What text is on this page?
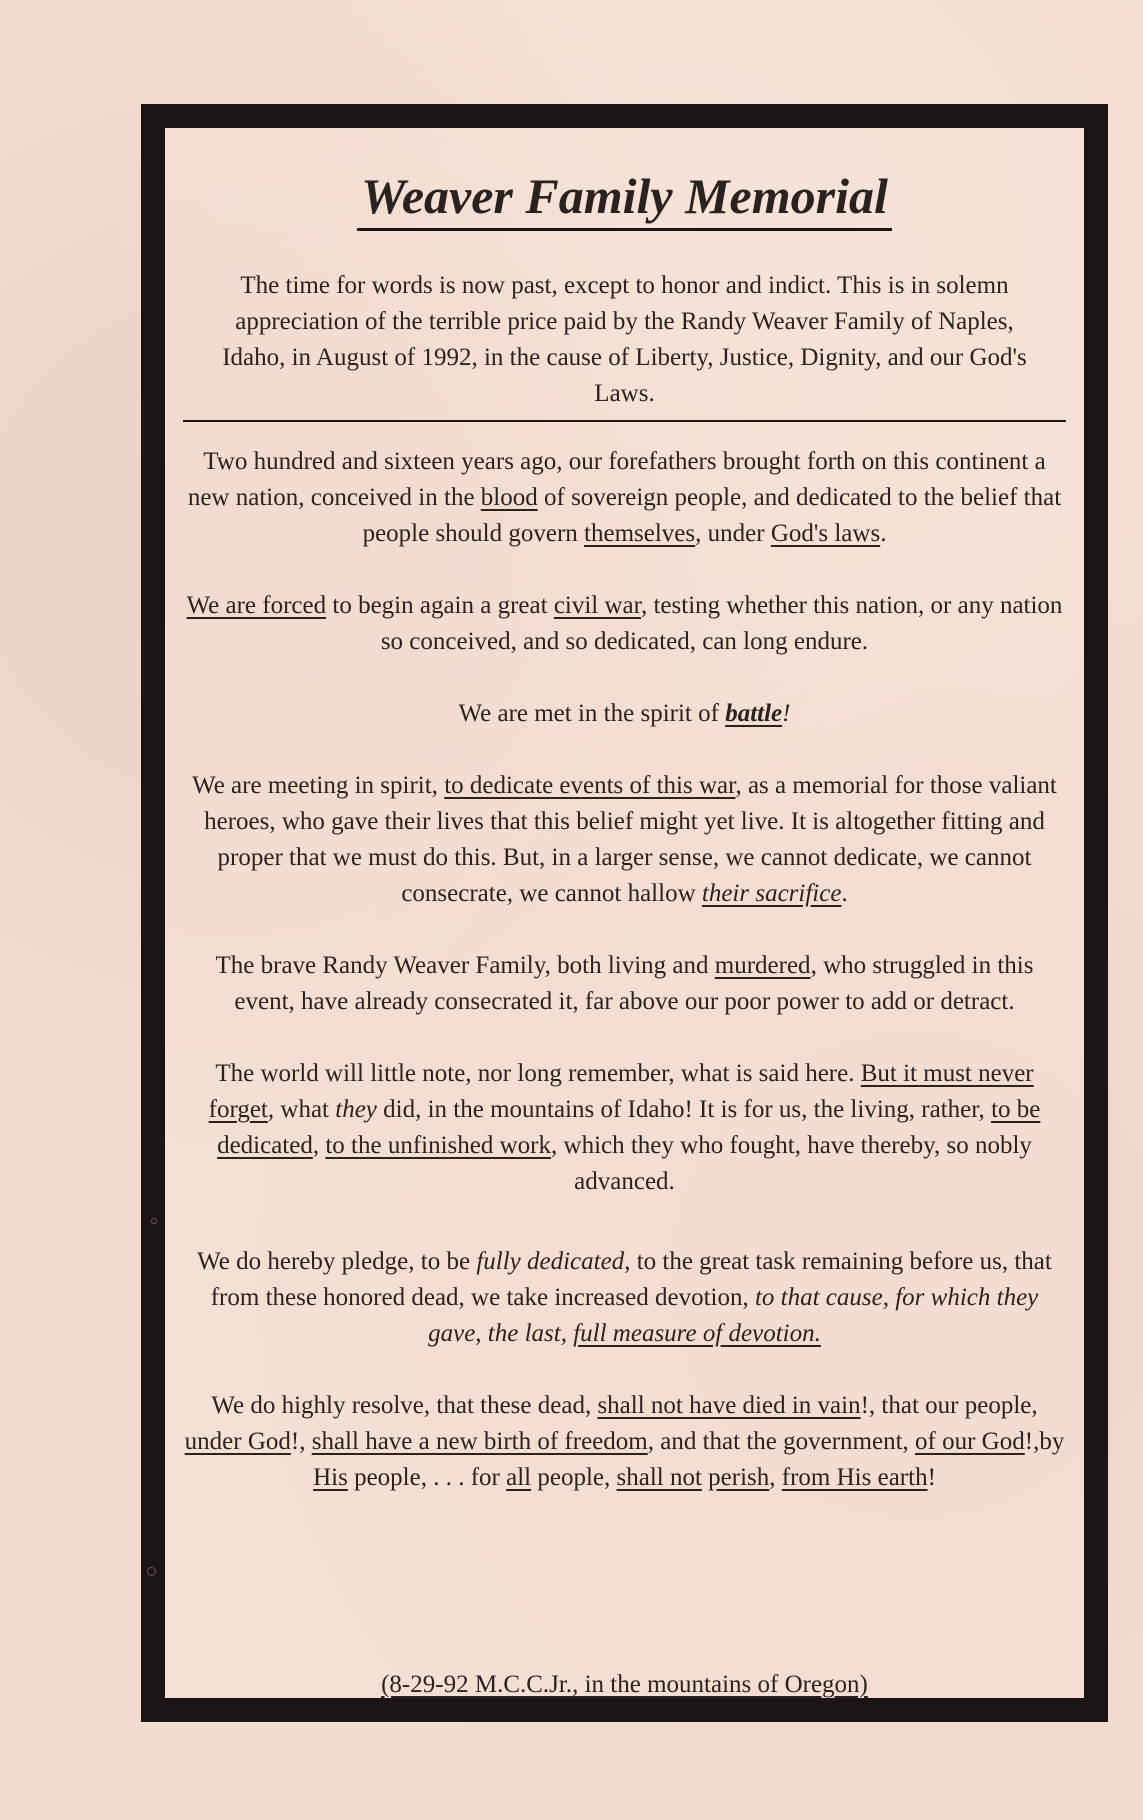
Weaver Family Memorial
The time for words is now past, except to honor and indict. This is in solemn appreciation of the terrible price paid by the Randy Weaver Family of Naples, Idaho, in August of 1992, in the cause of Liberty, Justice, Dignity, and our God's Laws.

Two hundred and sixteen years ago, our forefathers brought forth on this continent a new nation, conceived in the blood of sovereign people, and dedicated to the belief that people should govern themselves, under God's laws.

We are forced to begin again a great civil war, testing whether this nation, or any nation so conceived, and so dedicated, can long endure.

We are met in the spirit of battle!

We are meeting in spirit, to dedicate events of this war, as a memorial for those valiant heroes, who gave their lives that this belief might yet live. It is altogether fitting and proper that we must do this. But, in a larger sense, we cannot dedicate, we cannot consecrate, we cannot hallow their sacrifice.

The brave Randy Weaver Family, both living and murdered, who struggled in this event, have already consecrated it, far above our poor power to add or detract.

The world will little note, nor long remember, what is said here. But it must never forget, what they did, in the mountains of Idaho! It is for us, the living, rather, to be dedicated, to the unfinished work, which they who fought, have thereby, so nobly advanced.

We do hereby pledge, to be fully dedicated, to the great task remaining before us, that from these honored dead, we take increased devotion, to that cause, for which they gave, the last, full measure of devotion.

We do highly resolve, that these dead, shall not have died in vain!, that our people, under God!, shall have a new birth of freedom, and that the government, of our God!,by His people, . . . for all people, shall not perish, from His earth!

(8-29-92 M.C.C.Jr., in the mountains of Oregon)
